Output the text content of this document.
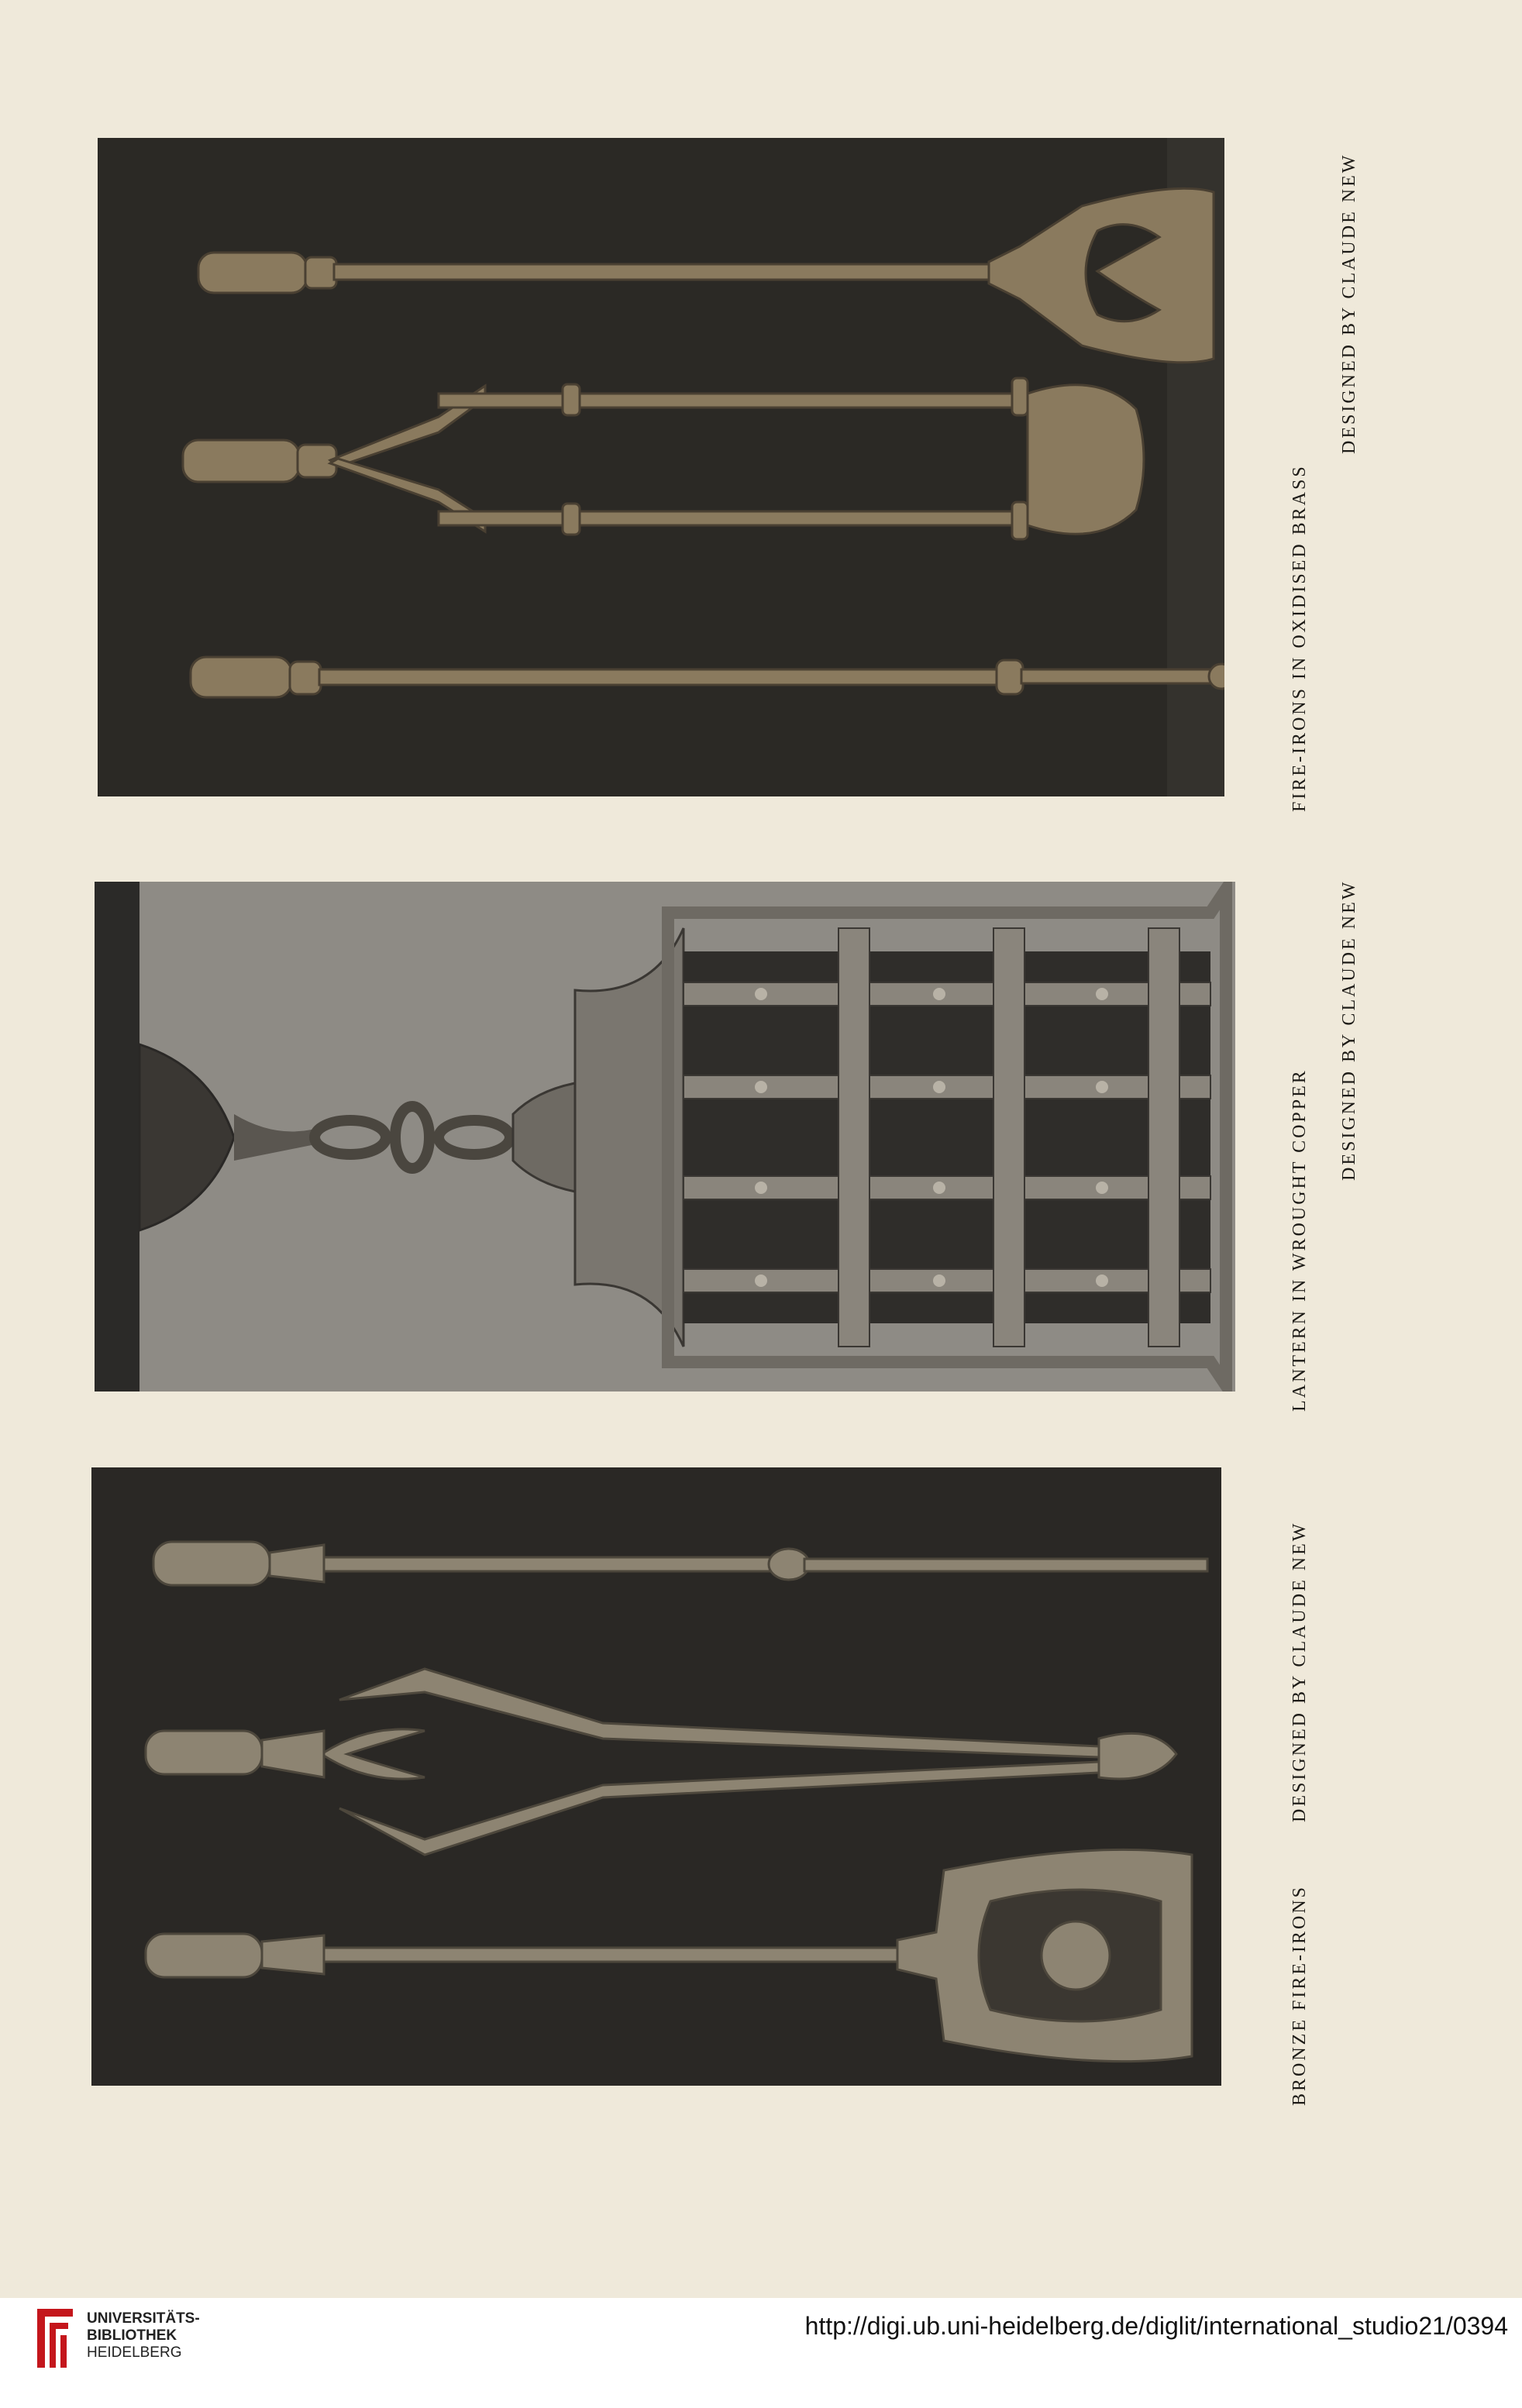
FIRE-IRONS IN OXIDISED BRASS
DESIGNED BY CLAUDE NEW
LANTERN IN WROUGHT COPPER
DESIGNED BY CLAUDE NEW
BRONZE FIRE-IRONS
DESIGNED BY CLAUDE NEW
UNIVERSITÄTS-
BIBLIOTHEK
HEIDELBERG
http://digi.ub.uni-heidelberg.de/diglit/international_studio21/0394
